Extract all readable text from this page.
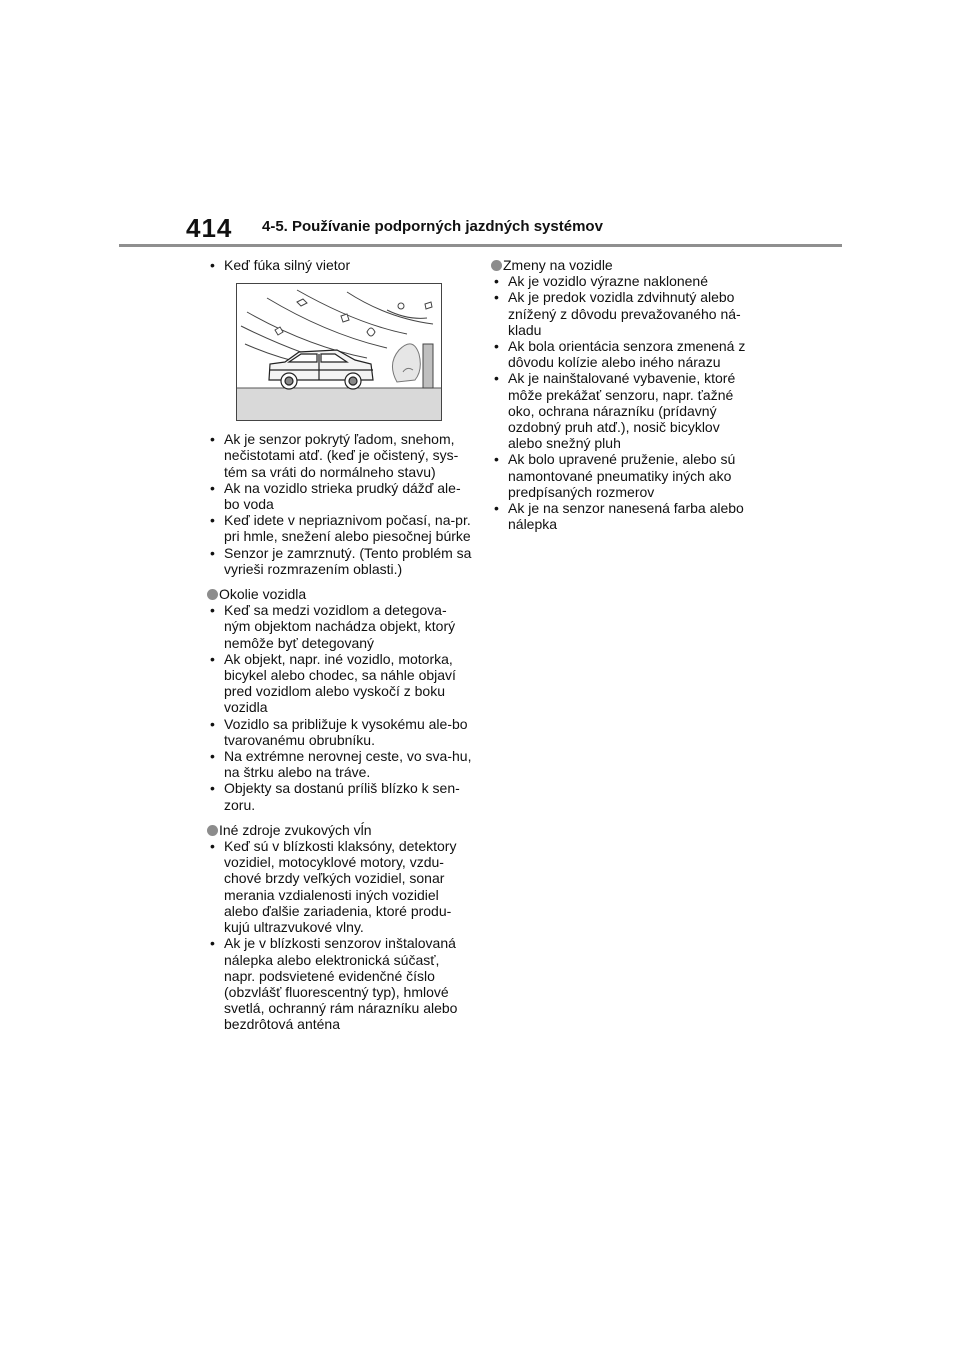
414 4-5. Používanie podporných jazdných systémov
• Keď fúka silný vietor
• Ak je senzor pokrytý ľadom, snehom, nečistotami atď. (keď je očistený, sys-tém sa vráti do normálneho stavu)
• Ak na vozidlo strieka prudký dážď ale-bo voda
• Keď idete v nepriaznivom počasí, na-pr. pri hmle, snežení alebo piesočnej búrke
• Senzor je zamrznutý. (Tento problém sa vyrieši rozmrazením oblasti.)
Okolie vozidla
• Keď sa medzi vozidlom a detegova-ným objektom nachádza objekt, ktorý nemôže byť detegovaný
• Ak objekt, napr. iné vozidlo, motorka, bicykel alebo chodec, sa náhle objaví pred vozidlom alebo vyskočí z boku vozidla
• Vozidlo sa približuje k vysokému ale-bo tvarovanému obrubníku.
• Na extrémne nerovnej ceste, vo sva-hu, na štrku alebo na tráve.
• Objekty sa dostanú príliš blízko k sen-zoru.
Iné zdroje zvukových vĺn
• Keď sú v blízkosti klaksóny, detektory vozidiel, motocyklové motory, vzdu-chové brzdy veľkých vozidiel, sonar merania vzdialenosti iných vozidiel alebo ďalšie zariadenia, ktoré produ-kujú ultrazvukové vlny.
• Ak je v blízkosti senzorov inštalovaná nálepka alebo elektronická súčasť, napr. podsvietené evidenčné číslo (obzvlášť fluorescentný typ), hmlové svetlá, ochranný rám nárazníku alebo bezdrôtová anténa
Zmeny na vozidle
• Ak je vozidlo výrazne naklonené
• Ak je predok vozidla zdvihnutý alebo znížený z dôvodu prevažovaného ná-kladu
• Ak bola orientácia senzora zmenená z dôvodu kolízie alebo iného nárazu
• Ak je nainštalované vybavenie, ktoré môže prekážať senzoru, napr. ťažné oko, ochrana nárazníku (prídavný ozdobný pruh atď.), nosič bicyklov alebo snežný pluh
• Ak bolo upravené pruženie, alebo sú namontované pneumatiky iných ako predpísaných rozmerov
• Ak je na senzor nanesená farba alebo nálepka
